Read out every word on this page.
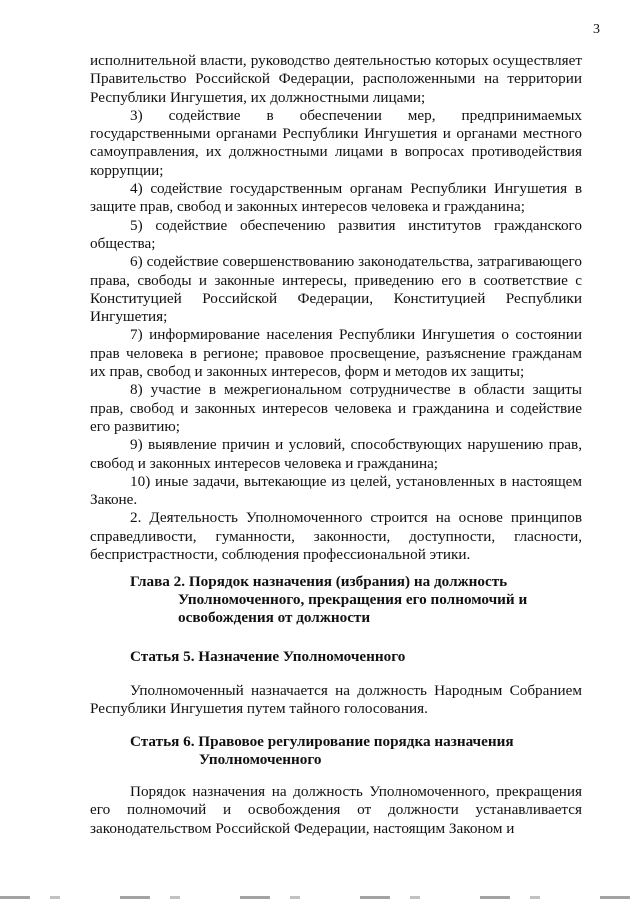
3

исполнительной власти, руководство деятельностью которых осуществляет Правительство Российской Федерации, расположенными на территории Республики Ингушетия, их должностными лицами;

3) содействие в обеспечении мер, предпринимаемых государственными органами Республики Ингушетия и органами местного самоуправления, их должностными лицами в вопросах противодействия коррупции;

4) содействие государственным органам Республики Ингушетия в защите прав, свобод и законных интересов человека и гражданина;

5) содействие обеспечению развития институтов гражданского общества;

6) содействие совершенствованию законодательства, затрагивающего права, свободы и законные интересы, приведению его в соответствие с Конституцией Российской Федерации, Конституцией Республики Ингушетия;

7) информирование населения Республики Ингушетия о состоянии прав человека в регионе; правовое просвещение, разъяснение гражданам их прав, свобод и законных интересов, форм и методов их защиты;

8) участие в межрегиональном сотрудничестве в области защиты прав, свобод и законных интересов человека и гражданина и содействие его развитию;

9) выявление причин и условий, способствующих нарушению прав, свобод и законных интересов человека и гражданина;

10) иные задачи, вытекающие из целей, установленных в настоящем Законе.

2. Деятельность Уполномоченного строится на основе принципов справедливости, гуманности, законности, доступности, гласности, беспристрастности, соблюдения профессиональной этики.

Глава 2. Порядок назначения (избрания) на должность
Уполномоченного, прекращения его полномочий и
освобождения от должности
Статья 5. Назначение Уполномоченного

Уполномоченный назначается на должность Народным Собранием Республики Ингушетия путем тайного голосования.

Статья 6. Правовое регулирование порядка назначения
Уполномоченного

Порядок назначения на должность Уполномоченного, прекращения его полномочий и освобождения от должности устанавливается законодательством Российской Федерации, настоящим Законом и
